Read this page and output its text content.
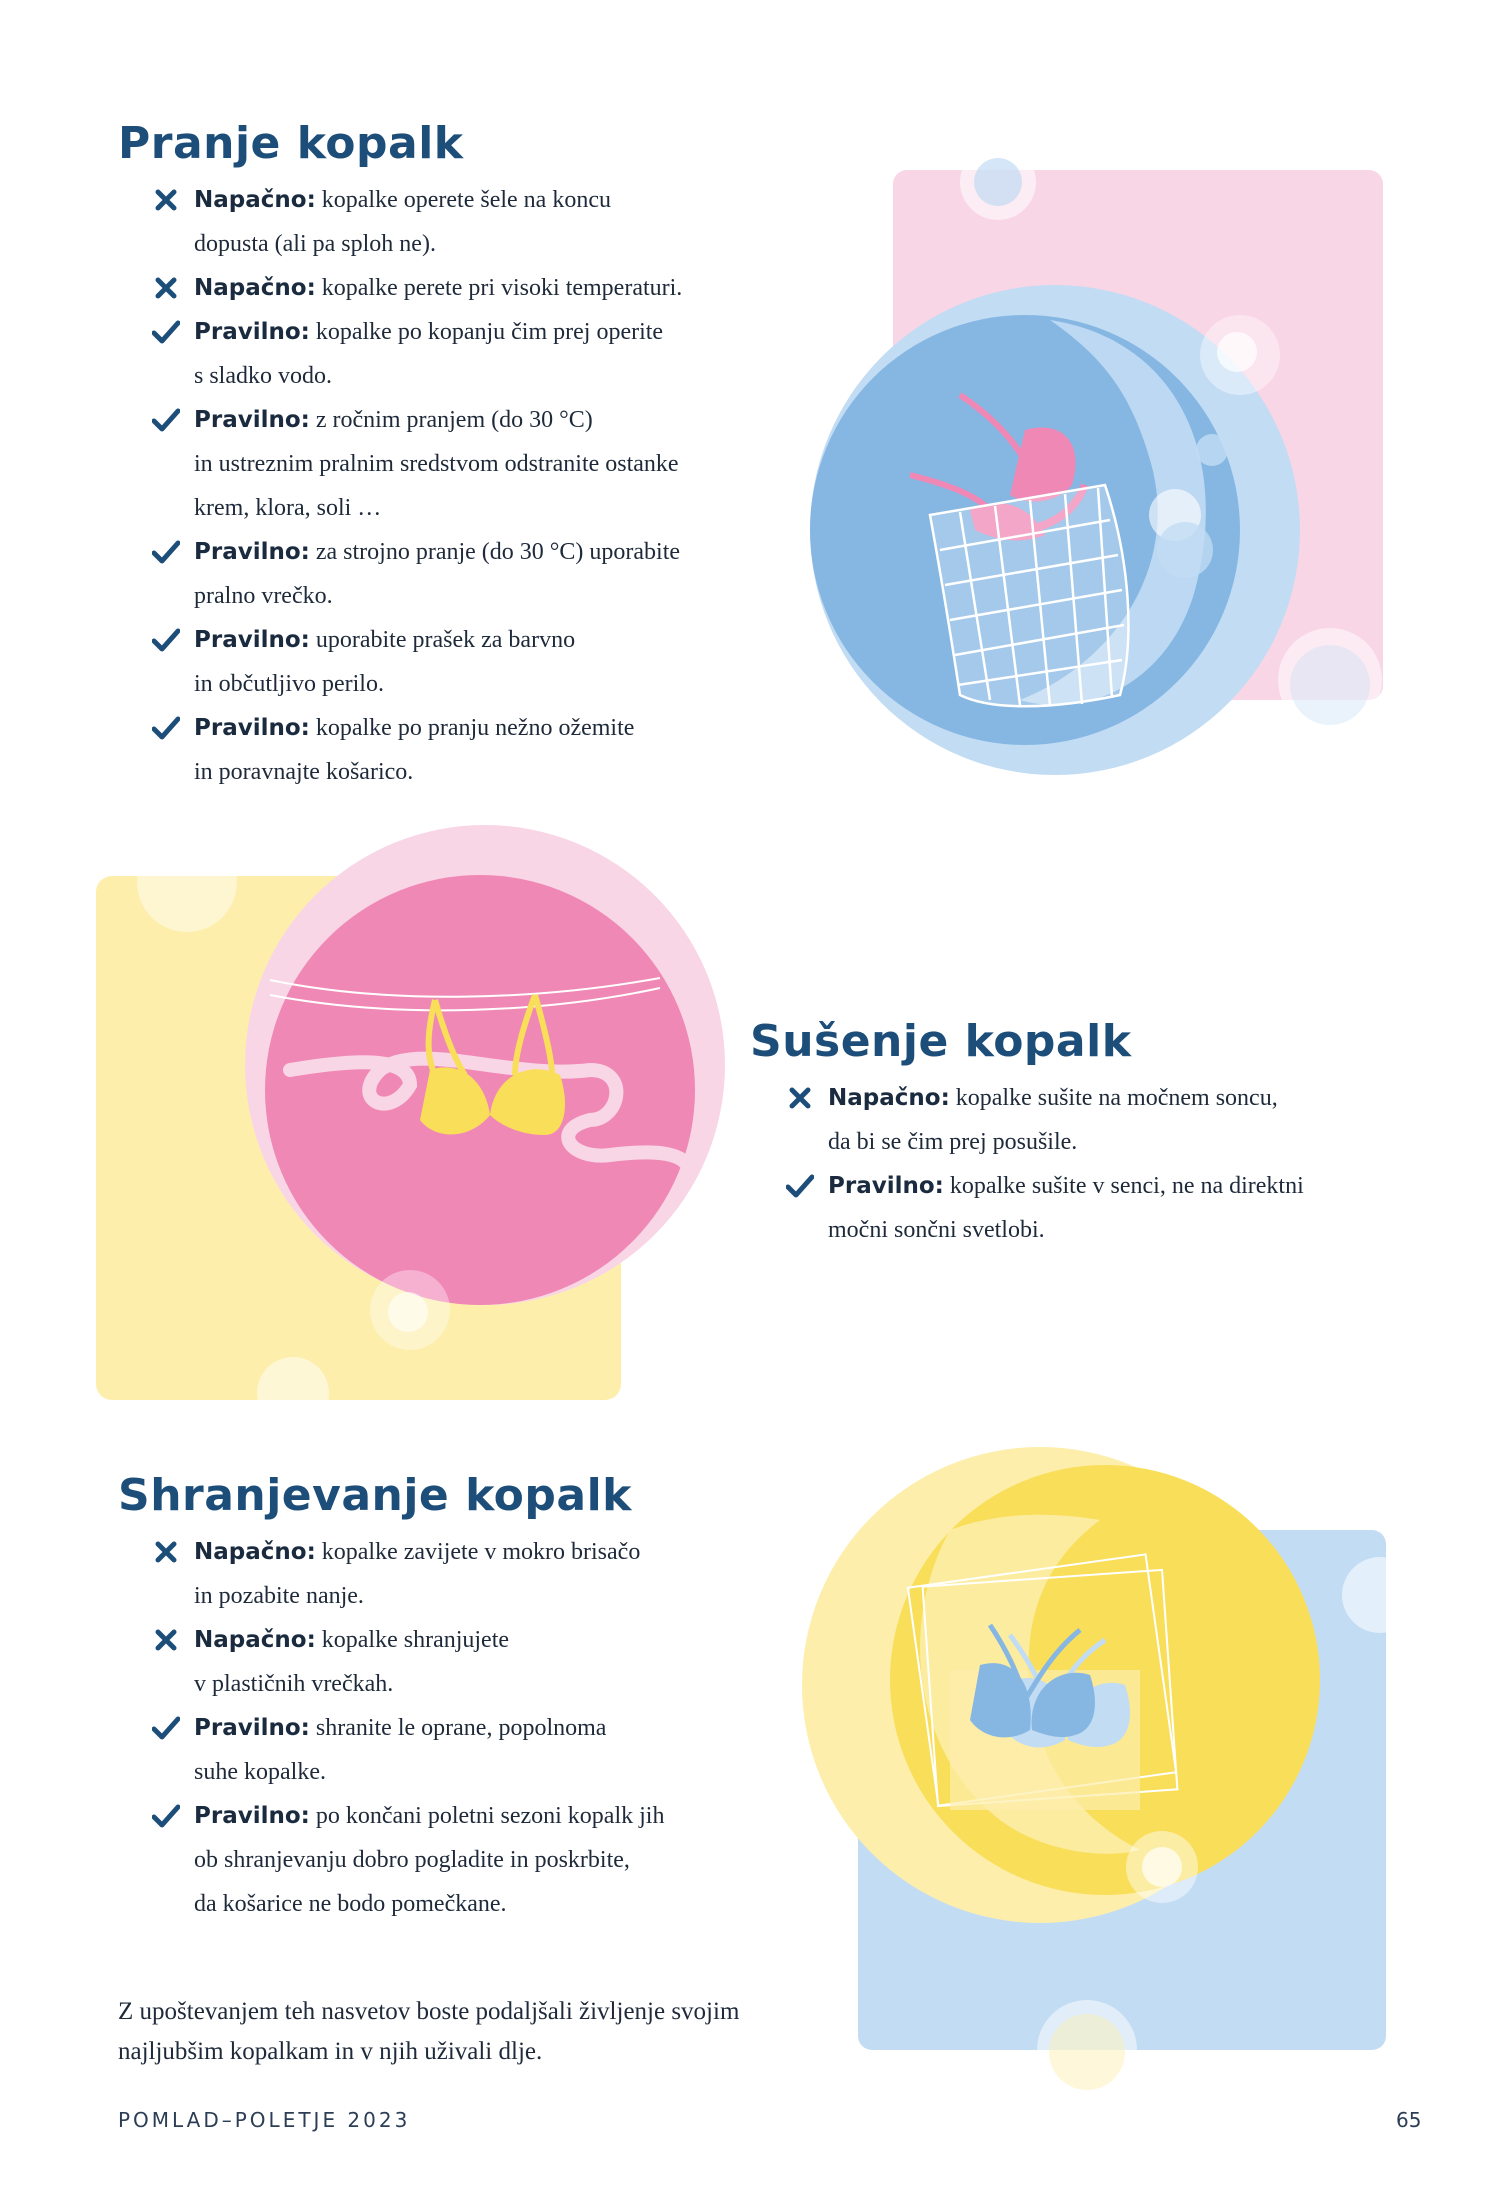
Pranje kopalk
Napačno: kopalke operete šele na koncu
dopusta (ali pa sploh ne).
Napačno: kopalke perete pri visoki temperaturi.
Pravilno: kopalke po kopanju čim prej operite
s sladko vodo.
Pravilno: z ročnim pranjem (do 30 °C)
in ustreznim pralnim sredstvom odstranite ostanke
krem, klora, soli …
Pravilno: za strojno pranje (do 30 °C) uporabite
pralno vrečko.
Pravilno: uporabite prašek za barvno
in občutljivo perilo.
Pravilno: kopalke po pranju nežno ožemite
in poravnajte košarico.
Sušenje kopalk
Napačno: kopalke sušite na močnem soncu,
da bi se čim prej posušile.
Pravilno: kopalke sušite v senci, ne na direktni
močni sončni svetlobi.
Shranjevanje kopalk
Napačno: kopalke zavijete v mokro brisačo
in pozabite nanje.
Napačno: kopalke shranjujete
v plastičnih vrečkah.
Pravilno: shranite le oprane, popolnoma
suhe kopalke.
Pravilno: po končani poletni sezoni kopalk jih
ob shranjevanju dobro pogladite in poskrbite,
da košarice ne bodo pomečkane.
Z upoštevanjem teh nasvetov boste podaljšali življenje svojim
najljubšim kopalkam in v njih uživali dlje.
POMLAD–POLETJE 2023	65
